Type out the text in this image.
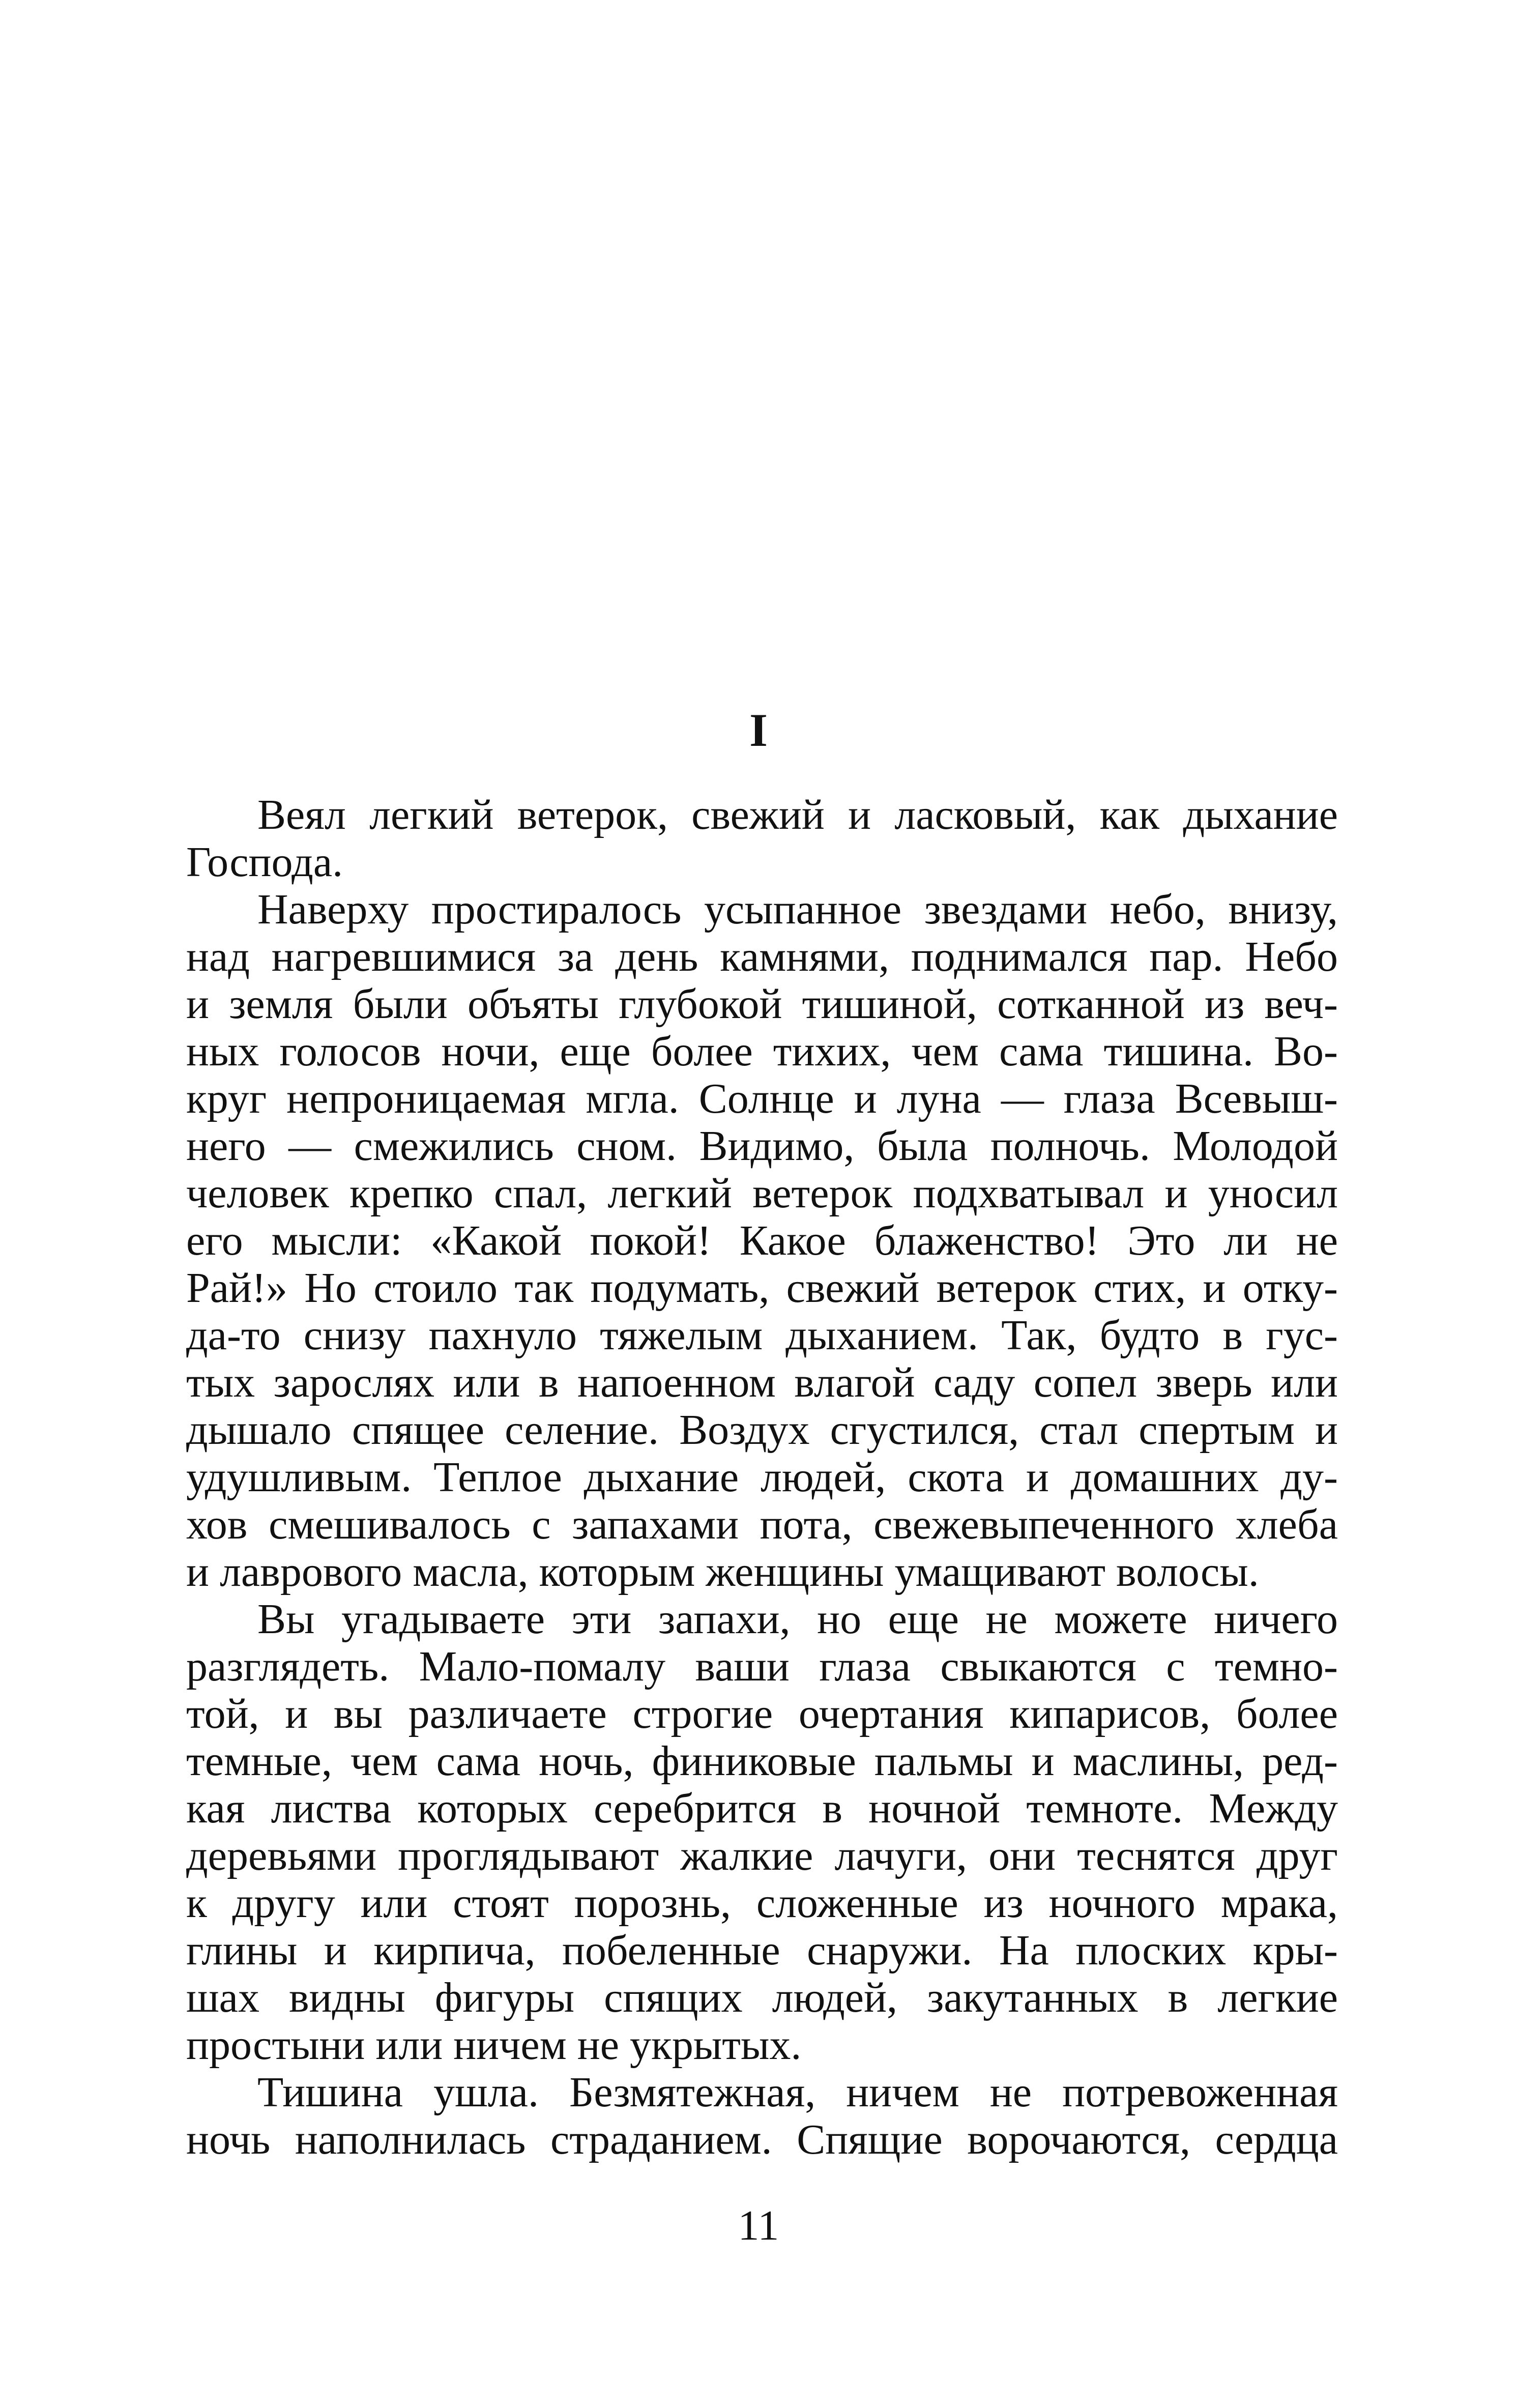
I
Веял легкий ветерок, свежий и ласковый, как дыхание
Господа.
Наверху простиралось усыпанное звездами небо, внизу,
над нагревшимися за день камнями, поднимался пар. Небо
и земля были объяты глубокой тишиной, сотканной из веч-
ных голосов ночи, еще более тихих, чем сама тишина. Во-
круг непроницаемая мгла. Солнце и луна — глаза Всевыш-
него — смежились сном. Видимо, была полночь. Молодой
человек крепко спал, легкий ветерок подхватывал и уносил
его мысли: «Какой покой! Какое блаженство! Это ли не
Рай!» Но стоило так подумать, свежий ветерок стих, и отку-
да-то снизу пахнуло тяжелым дыханием. Так, будто в гус-
тых зарослях или в напоенном влагой саду сопел зверь или
дышало спящее селение. Воздух сгустился, стал спертым и
удушливым. Теплое дыхание людей, скота и домашних ду-
хов смешивалось с запахами пота, свежевыпеченного хлеба
и лаврового масла, которым женщины умащивают волосы.
Вы угадываете эти запахи, но еще не можете ничего
разглядеть. Мало-помалу ваши глаза свыкаются с темно-
той, и вы различаете строгие очертания кипарисов, более
темные, чем сама ночь, финиковые пальмы и маслины, ред-
кая листва которых серебрится в ночной темноте. Между
деревьями проглядывают жалкие лачуги, они теснятся друг
к другу или стоят порознь, сложенные из ночного мрака,
глины и кирпича, побеленные снаружи. На плоских кры-
шах видны фигуры спящих людей, закутанных в легкие
простыни или ничем не укрытых.
Тишина ушла. Безмятежная, ничем не потревоженная
ночь наполнилась страданием. Спящие ворочаются, сердца
11
